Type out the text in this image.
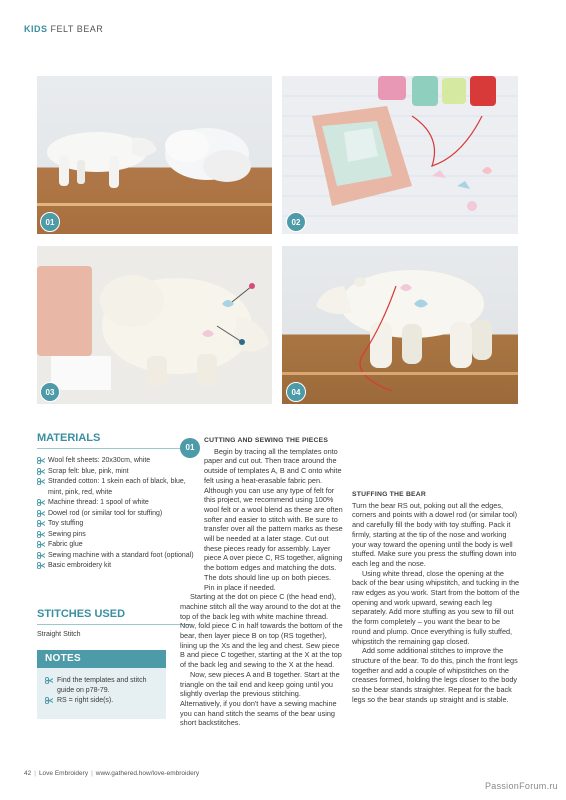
KIDS FELT BEAR
01	02
03	04
MATERIALS
Wool felt sheets: 20x30cm, white
Scrap felt: blue, pink, mint
Stranded cotton: 1 skein each of black, blue, mint, pink, red, white
Machine thread: 1 spool of white
Dowel rod (or similar tool for stuffing)
Toy stuffing
Sewing pins
Fabric glue
Sewing machine with a standard foot (optional)
Basic embroidery kit
STITCHES USED
Straight Stitch
NOTES
Find the templates and stitch guide on p78-79.
RS = right side(s).
01
CUTTING AND SEWING THE PIECES

Begin by tracing all the templates onto paper and cut out. Then trace around the outside of templates A, B and C onto white felt using a heat-erasable fabric pen. Although you can use any type of felt for this project, we recommend using 100% wool felt or a wool blend as these are often softer and easier to stitch with. Be sure to transfer over all the pattern marks as these will be needed at a later stage. Cut out these pieces ready for assembly. Layer piece A over piece C, RS together, aligning the bottom edges and matching the dots. The dots should line up on both pieces. Pin in place if needed.

Starting at the dot on piece C (the head end), machine stitch all the way around to the dot at the top of the back leg with white machine thread. Now, fold piece C in half towards the bottom of the bear, then layer piece B on top (RS together), lining up the Xs and the leg and chest. Sew piece B and piece C together, starting at the X at the top of the back leg and sewing to the X at the head.

Now, sew pieces A and B together. Start at the triangle on the tail end and keep going until you slightly overlap the previous stitching. Alternatively, if you don't have a sewing machine you can hand stitch the seams of the bear using short backstitches.

STUFFING THE BEAR

Turn the bear RS out, poking out all the edges, corners and points with a dowel rod (or similar tool) and carefully fill the body with toy stuffing. Pack it firmly, starting at the tip of the nose and working your way toward the opening until the body is well stuffed. Make sure you press the stuffing down into each leg and the nose.

Using white thread, close the opening at the back of the bear using whipstitch, and tucking in the raw edges as you work. Start from the bottom of the opening and work upward, sewing each leg separately. Add more stuffing as you sew to fill out the form completely – you want the bear to be round and plump. Once everything is fully stuffed, whipstitch the remaining gap closed.

Add some additional stitches to improve the structure of the bear. To do this, pinch the front legs together and add a couple of whipstitches on the creases formed, holding the legs closer to the body so the bear stands straighter. Repeat for the back legs so the bear stands up straight and is stable.

42 | Love Embroidery | www.gathered.how/love-embroidery
PassionForum.ru
